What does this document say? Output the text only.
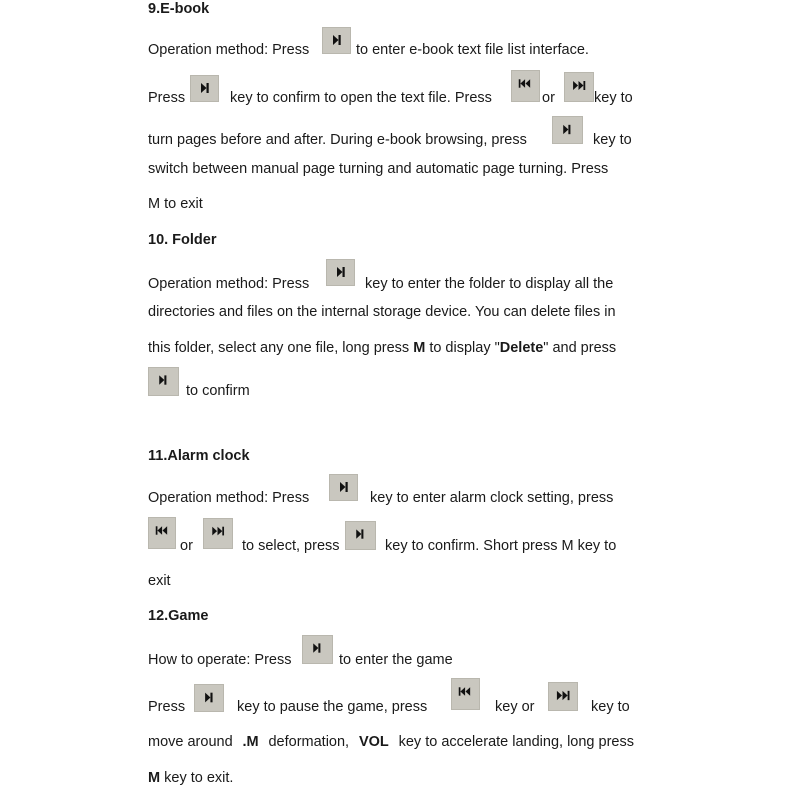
9.E-book
Operation method: Press	to enter e-book text file list interface.
Press	key to confirm to open the text file. Press	or	key to
turn pages before and after. During e-book browsing, press	key to
switch between manual page turning and automatic page turning. Press
M to exit
10. Folder
Operation method: Press	key to enter the folder to display all the
directories and files on the internal storage device. You can delete files in
this folder, select any one file, long press M to display "Delete" and press
to confirm
11.Alarm clock
Operation method: Press	key to enter alarm clock setting, press
or	to select, press	key to confirm. Short press M key to
exit
12.Game
How to operate: Press	to enter the game
Press	key to pause the game, press	key or	key to
move around .M deformation, VOL key to accelerate landing, long press
M key to exit.
